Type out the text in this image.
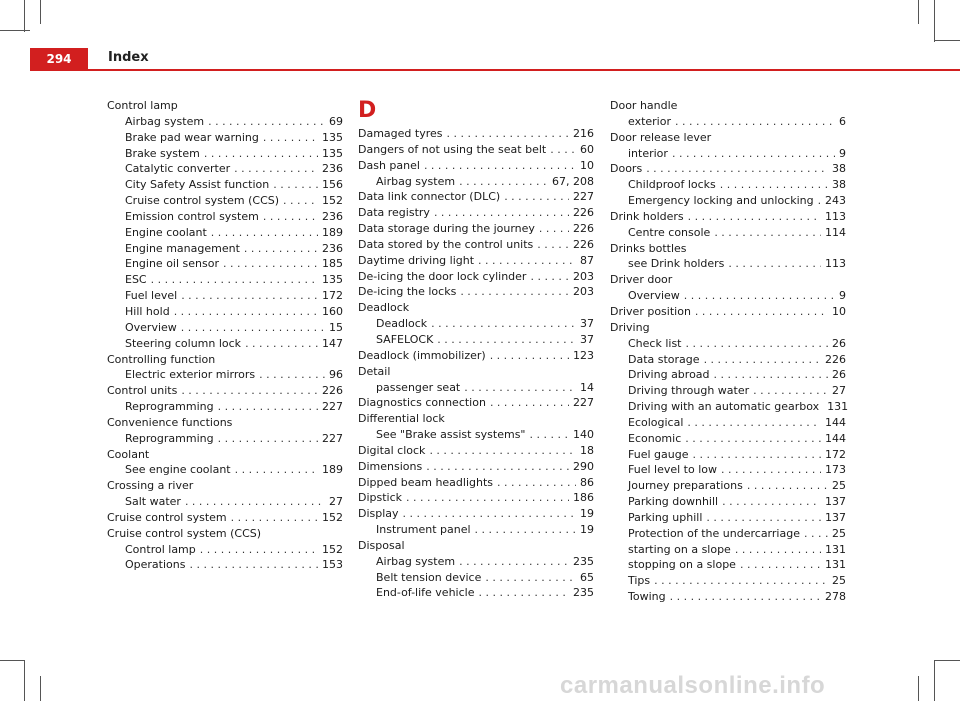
294	Index
Control lamp
Airbag system . . .	69
Brake pad wear warning . . .	135
Brake system . . .	135
Catalytic converter . . .	236
City Safety Assist function . . .	156
Cruise control system (CCS) . . .	152
Emission control system . . .	236
Engine coolant . . .	189
Engine management . . .	236
Engine oil sensor . . .	185
ESC . . .	135
Fuel level . . .	172
Hill hold . . .	160
Overview . . .	15
Steering column lock . . .	147
Controlling function
Electric exterior mirrors . . .	96
Control units . . .	226
Reprogramming . . .	227
Convenience functions
Reprogramming . . .	227
Coolant
See engine coolant . . .	189
Crossing a river
Salt water . . .	27
Cruise control system . . .	152
Cruise control system (CCS)
Control lamp . . .	152
Operations . . .	153
D
Damaged tyres . . .	216
Dangers of not using the seat belt . . .	60
Dash panel . . .	10
Airbag system . . .	67, 208
Data link connector (DLC) . . .	227
Data registry . . .	226
Data storage during the journey . . .	226
Data stored by the control units . . .	226
Daytime driving light . . .	87
De-icing the door lock cylinder . . .	203
De-icing the locks . . .	203
Deadlock
Deadlock . . .	37
SAFELOCK . . .	37
Deadlock (immobilizer) . . .	123
Detail
passenger seat . . .	14
Diagnostics connection . . .	227
Differential lock
See "Brake assist systems" . . .	140
Digital clock . . .	18
Dimensions . . .	290
Dipped beam headlights . . .	86
Dipstick . . .	186
Display . . .	19
Instrument panel . . .	19
Disposal
Airbag system . . .	235
Belt tension device . . .	65
End-of-life vehicle . . .	235
Door handle
exterior . . .	6
Door release lever
interior . . .	9
Doors . . .	38
Childproof locks . . .	38
Emergency locking and unlocking . . . 243
Drink holders . . .	113
Centre console . . .	114
Drinks bottles
see Drink holders . . .	113
Driver door
Overview . . .	9
Driver position . . .	10
Driving
Check list . . .	26
Data storage . . .	226
Driving abroad . . .	26
Driving through water . . .	27
Driving with an automatic gearbox 131
Ecological . . .	144
Economic . . .	144
Fuel gauge . . .	172
Fuel level to low . . .	173
Journey preparations . . .	25
Parking downhill . . .	137
Parking uphill . . .	137
Protection of the undercarriage . . .	25
starting on a slope . . .	131
stopping on a slope . . .	131
Tips . . .	25
Towing . . .	278
carmanualsonline.info
